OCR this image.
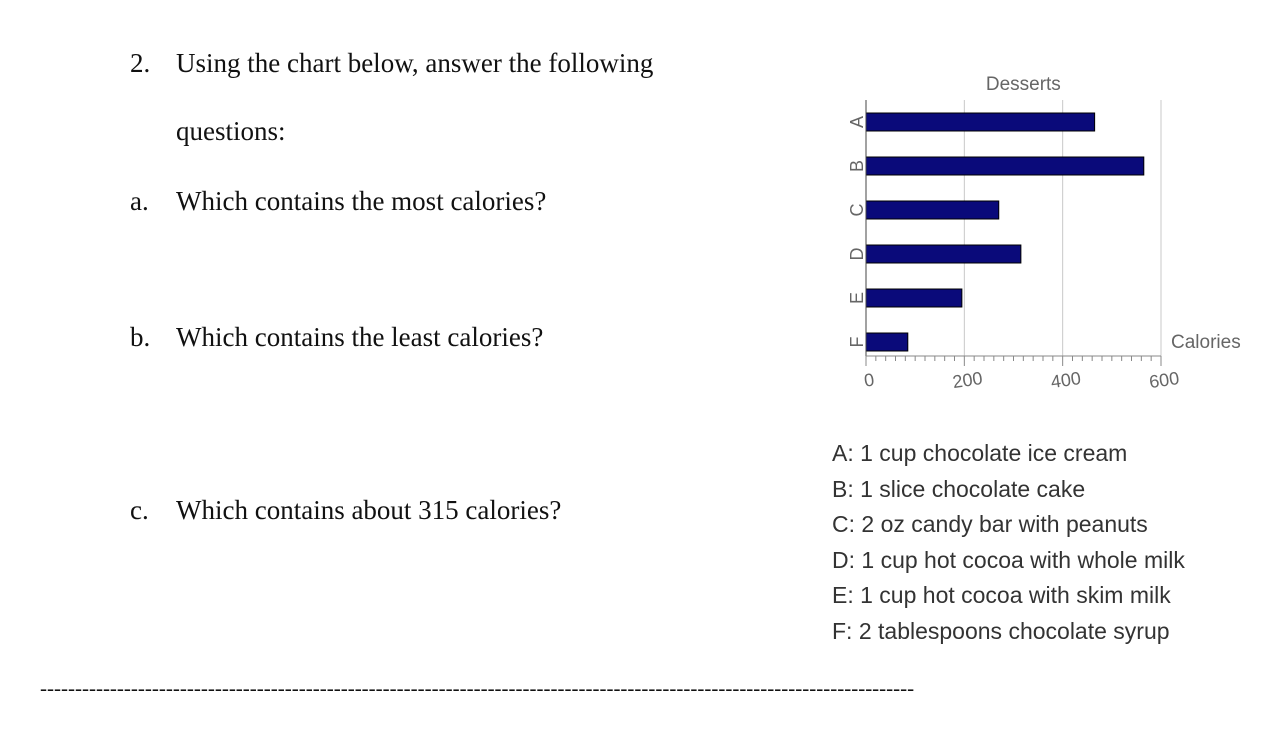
2. Using the chart below, answer the following
questions:
a. Which contains the most calories?
b. Which contains the least calories?
c. Which contains about 315 calories?
0	200	400	600
A
B
C
D
E
F
Desserts
Calories
A: 1 cup chocolate ice cream
B: 1 slice chocolate cake
C: 2 oz candy bar with peanuts
D: 1 cup hot cocoa with whole milk
E: 1 cup hot cocoa with skim milk
F: 2 tablespoons chocolate syrup
-----------------------------------------------------------------------------------------------------------------------------
